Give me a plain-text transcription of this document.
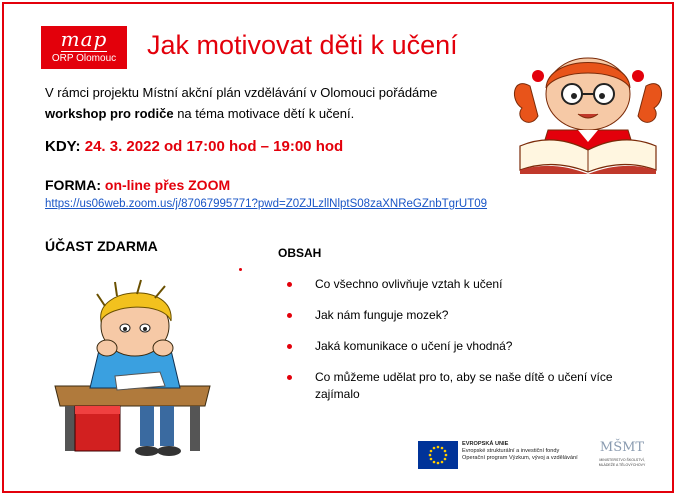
map
ORP Olomouc	Jak motivovat děti k učení
V rámci projektu Místní akční plán vzdělávání v Olomouci pořádáme workshop pro rodiče na téma motivace dětí k učení.
KDY: 24. 3. 2022 od 17:00 hod – 19:00 hod
FORMA: on-line přes ZOOM
https://us06web.zoom.us/j/87067995771?pwd=Z0ZJLzllNlptS08zaXNReGZnbTgrUT09
ÚČAST ZDARMA	OBSAH
Co všechno ovlivňuje vztah k učení
Jak nám funguje mozek?
Jaká komunikace o učení je vhodná?
Co můžeme udělat pro to, aby se naše dítě o učení více zajímalo
EVROPSKÁ UNIE
Evropské strukturální a investiční fondy
Operační program Výzkum, vývoj a vzdělávání
MŠMT
MINISTERSTVO ŠKOLSTVÍ, MLÁDEŽE A TĚLOVÝCHOVY
